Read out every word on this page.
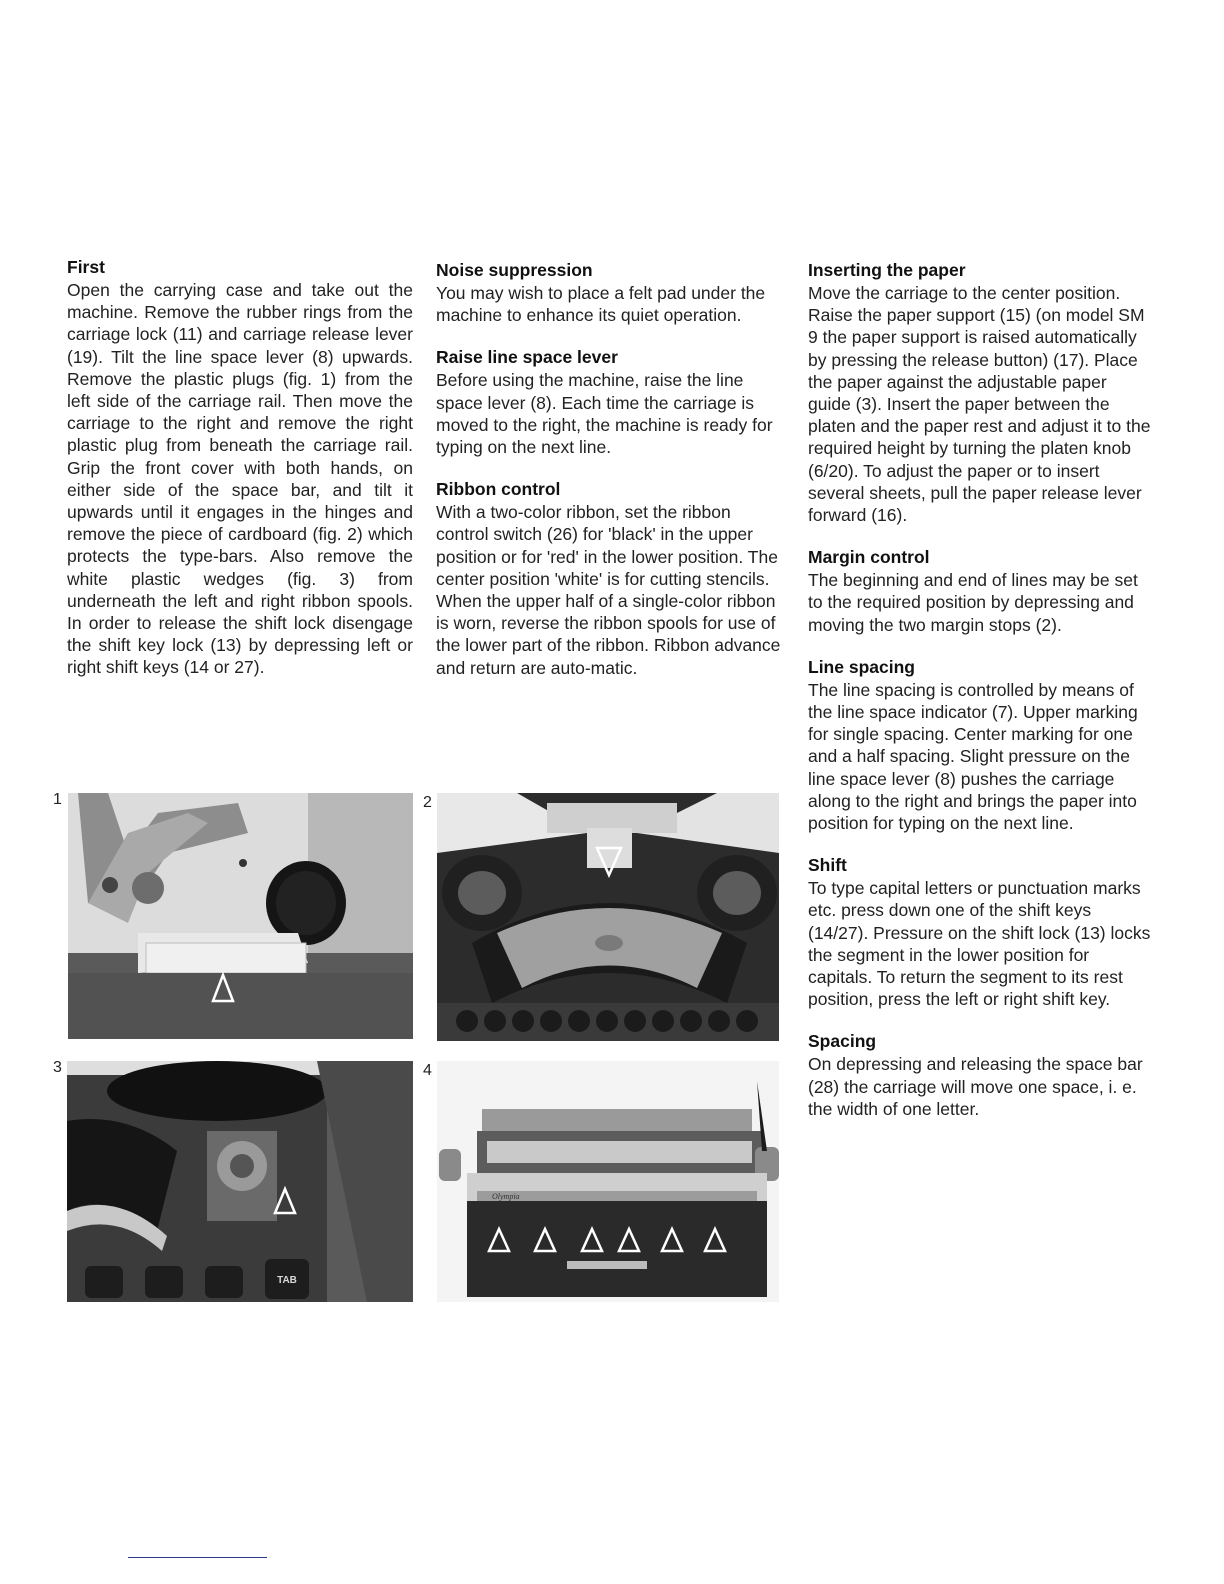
First

Open the carrying case and take out the machine. Remove the rubber rings from the carriage lock (11) and carriage release lever (19). Tilt the line space lever (8) upwards. Remove the plastic plugs (fig. 1) from the left side of the carriage rail. Then move the carriage to the right and remove the right plastic plug from beneath the carriage rail. Grip the front cover with both hands, on either side of the space bar, and tilt it upwards until it engages in the hinges and remove the piece of cardboard (fig. 2) which protects the type-bars. Also remove the white plastic wedges (fig. 3) from underneath the left and right ribbon spools. In order to release the shift lock disengage the shift key lock (13) by depressing left or right shift keys (14 or 27).

Noise suppression

You may wish to place a felt pad under the machine to enhance its quiet operation.

Raise line space lever

Before using the machine, raise the line space lever (8). Each time the carriage is moved to the right, the machine is ready for typing on the next line.

Ribbon control

With a two-color ribbon, set the ribbon control switch (26) for 'black' in the upper position or for 'red' in the lower position. The center position 'white' is for cutting stencils. When the upper half of a single-color ribbon is worn, reverse the ribbon spools for use of the lower part of the ribbon. Ribbon advance and return are auto-matic.

Inserting the paper

Move the carriage to the center position. Raise the paper support (15) (on model SM 9 the paper support is raised automatically by pressing the release button) (17). Place the paper against the adjustable paper guide (3). Insert the paper between the platen and the paper rest and adjust it to the required height by turning the platen knob (6/20). To adjust the paper or to insert several sheets, pull the paper release lever forward (16).

Margin control

The beginning and end of lines may be set to the required position by depressing and moving the two margin stops (2).

Line spacing

The line spacing is controlled by means of the line space indicator (7). Upper marking for single spacing. Center marking for one and a half spacing. Slight pressure on the line space lever (8) pushes the carriage along to the right and brings the paper into position for typing on the next line.

Shift

To type capital letters or punctuation marks etc. press down one of the shift keys (14/27). Pressure on the shift lock (13) locks the segment in the lower position for capitals. To return the segment to its rest position, press the left or right shift key.

Spacing

On depressing and releasing the space bar (28) the carriage will move one space, i. e. the width of one letter.

1	2
3	4
TAB
Olympia
